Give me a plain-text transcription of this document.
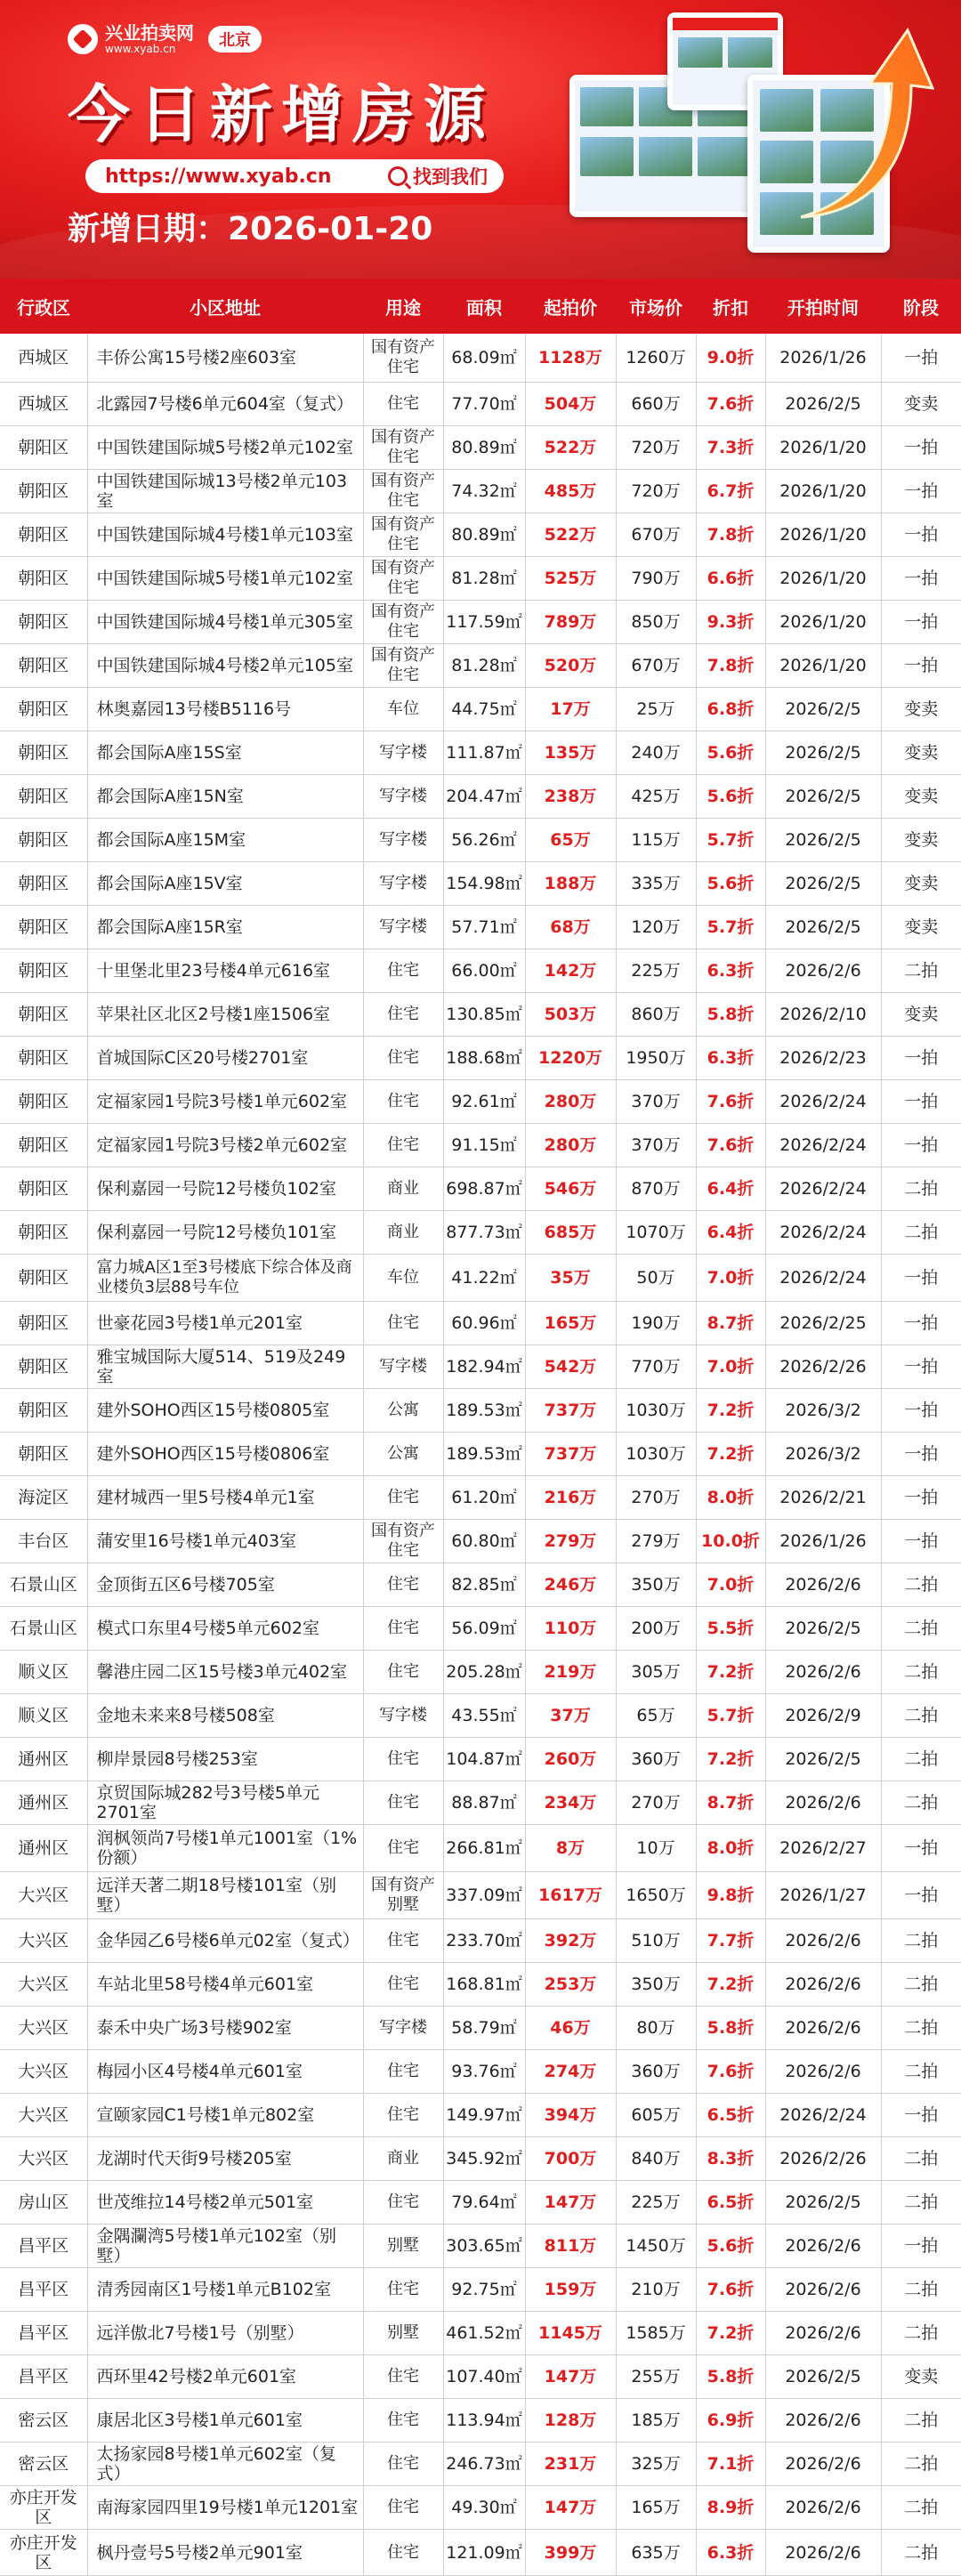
兴业拍卖网
www.xyab.cn	北京
今日新增房源
https://www.xyab.cn	找到我们
新增日期：2026-01-20
行政区	小区地址	用途	面积	起拍价	市场价	折扣	开拍时间	阶段
西城区	丰侨公寓15号楼2座603室	国有资产住宅	68.09㎡	1128万	1260万	9.0折	2026/1/26	一拍
西城区	北露园7号楼6单元604室（复式）	住宅	77.70㎡	504万	660万	7.6折	2026/2/5	变卖
朝阳区	中国铁建国际城5号楼2单元102室	国有资产住宅	80.89㎡	522万	720万	7.3折	2026/1/20	一拍
朝阳区	中国铁建国际城13号楼2单元103室	国有资产住宅	74.32㎡	485万	720万	6.7折	2026/1/20	一拍
朝阳区	中国铁建国际城4号楼1单元103室	国有资产住宅	80.89㎡	522万	670万	7.8折	2026/1/20	一拍
朝阳区	中国铁建国际城5号楼1单元102室	国有资产住宅	81.28㎡	525万	790万	6.6折	2026/1/20	一拍
朝阳区	中国铁建国际城4号楼1单元305室	国有资产住宅	117.59㎡	789万	850万	9.3折	2026/1/20	一拍
朝阳区	中国铁建国际城4号楼2单元105室	国有资产住宅	81.28㎡	520万	670万	7.8折	2026/1/20	一拍
朝阳区	林奥嘉园13号楼B5116号	车位	44.75㎡	17万	25万	6.8折	2026/2/5	变卖
朝阳区	都会国际A座15S室	写字楼	111.87㎡	135万	240万	5.6折	2026/2/5	变卖
朝阳区	都会国际A座15N室	写字楼	204.47㎡	238万	425万	5.6折	2026/2/5	变卖
朝阳区	都会国际A座15M室	写字楼	56.26㎡	65万	115万	5.7折	2026/2/5	变卖
朝阳区	都会国际A座15V室	写字楼	154.98㎡	188万	335万	5.6折	2026/2/5	变卖
朝阳区	都会国际A座15R室	写字楼	57.71㎡	68万	120万	5.7折	2026/2/5	变卖
朝阳区	十里堡北里23号楼4单元616室	住宅	66.00㎡	142万	225万	6.3折	2026/2/6	二拍
朝阳区	苹果社区北区2号楼1座1506室	住宅	130.85㎡	503万	860万	5.8折	2026/2/10	变卖
朝阳区	首城国际C区20号楼2701室	住宅	188.68㎡	1220万	1950万	6.3折	2026/2/23	一拍
朝阳区	定福家园1号院3号楼1单元602室	住宅	92.61㎡	280万	370万	7.6折	2026/2/24	一拍
朝阳区	定福家园1号院3号楼2单元602室	住宅	91.15㎡	280万	370万	7.6折	2026/2/24	一拍
朝阳区	保利嘉园一号院12号楼负102室	商业	698.87㎡	546万	870万	6.4折	2026/2/24	二拍
朝阳区	保利嘉园一号院12号楼负101室	商业	877.73㎡	685万	1070万	6.4折	2026/2/24	二拍
朝阳区	富力城A区1至3号楼底下综合体及商业楼负3层88号车位	车位	41.22㎡	35万	50万	7.0折	2026/2/24	一拍
朝阳区	世豪花园3号楼1单元201室	住宅	60.96㎡	165万	190万	8.7折	2026/2/25	一拍
朝阳区	雅宝城国际大厦514、519及249室	写字楼	182.94㎡	542万	770万	7.0折	2026/2/26	一拍
朝阳区	建外SOHO西区15号楼0805室	公寓	189.53㎡	737万	1030万	7.2折	2026/3/2	一拍
朝阳区	建外SOHO西区15号楼0806室	公寓	189.53㎡	737万	1030万	7.2折	2026/3/2	一拍
海淀区	建材城西一里5号楼4单元1室	住宅	61.20㎡	216万	270万	8.0折	2026/2/21	一拍
丰台区	蒲安里16号楼1单元403室	国有资产住宅	60.80㎡	279万	279万	10.0折	2026/1/26	一拍
石景山区	金顶街五区6号楼705室	住宅	82.85㎡	246万	350万	7.0折	2026/2/6	二拍
石景山区	模式口东里4号楼5单元602室	住宅	56.09㎡	110万	200万	5.5折	2026/2/5	二拍
顺义区	馨港庄园二区15号楼3单元402室	住宅	205.28㎡	219万	305万	7.2折	2026/2/6	二拍
顺义区	金地未来来8号楼508室	写字楼	43.55㎡	37万	65万	5.7折	2026/2/9	二拍
通州区	柳岸景园8号楼253室	住宅	104.87㎡	260万	360万	7.2折	2026/2/5	二拍
通州区	京贸国际城282号3号楼5单元2701室	住宅	88.87㎡	234万	270万	8.7折	2026/2/6	二拍
通州区	润枫领尚7号楼1单元1001室（1%份额）	住宅	266.81㎡	8万	10万	8.0折	2026/2/27	一拍
大兴区	远洋天著二期18号楼101室（别墅）	国有资产别墅	337.09㎡	1617万	1650万	9.8折	2026/1/27	一拍
大兴区	金华园乙6号楼6单元02室（复式）	住宅	233.70㎡	392万	510万	7.7折	2026/2/6	二拍
大兴区	车站北里58号楼4单元601室	住宅	168.81㎡	253万	350万	7.2折	2026/2/6	二拍
大兴区	泰禾中央广场3号楼902室	写字楼	58.79㎡	46万	80万	5.8折	2026/2/6	二拍
大兴区	梅园小区4号楼4单元601室	住宅	93.76㎡	274万	360万	7.6折	2026/2/6	二拍
大兴区	宣颐家园C1号楼1单元802室	住宅	149.97㎡	394万	605万	6.5折	2026/2/24	一拍
大兴区	龙湖时代天街9号楼205室	商业	345.92㎡	700万	840万	8.3折	2026/2/26	二拍
房山区	世茂维拉14号楼2单元501室	住宅	79.64㎡	147万	225万	6.5折	2026/2/5	二拍
昌平区	金隅瀾湾5号楼1单元102室（别墅）	别墅	303.65㎡	811万	1450万	5.6折	2026/2/6	一拍
昌平区	清秀园南区1号楼1单元B102室	住宅	92.75㎡	159万	210万	7.6折	2026/2/6	二拍
昌平区	远洋傲北7号楼1号（别墅）	别墅	461.52㎡	1145万	1585万	7.2折	2026/2/6	二拍
昌平区	西环里42号楼2单元601室	住宅	107.40㎡	147万	255万	5.8折	2026/2/5	变卖
密云区	康居北区3号楼1单元601室	住宅	113.94㎡	128万	185万	6.9折	2026/2/6	二拍
密云区	太扬家园8号楼1单元602室（复式）	住宅	246.73㎡	231万	325万	7.1折	2026/2/6	二拍
亦庄开发区	南海家园四里19号楼1单元1201室	住宅	49.30㎡	147万	165万	8.9折	2026/2/6	二拍
亦庄开发区	枫丹壹号5号楼2单元901室	住宅	121.09㎡	399万	635万	6.3折	2026/2/6	二拍
